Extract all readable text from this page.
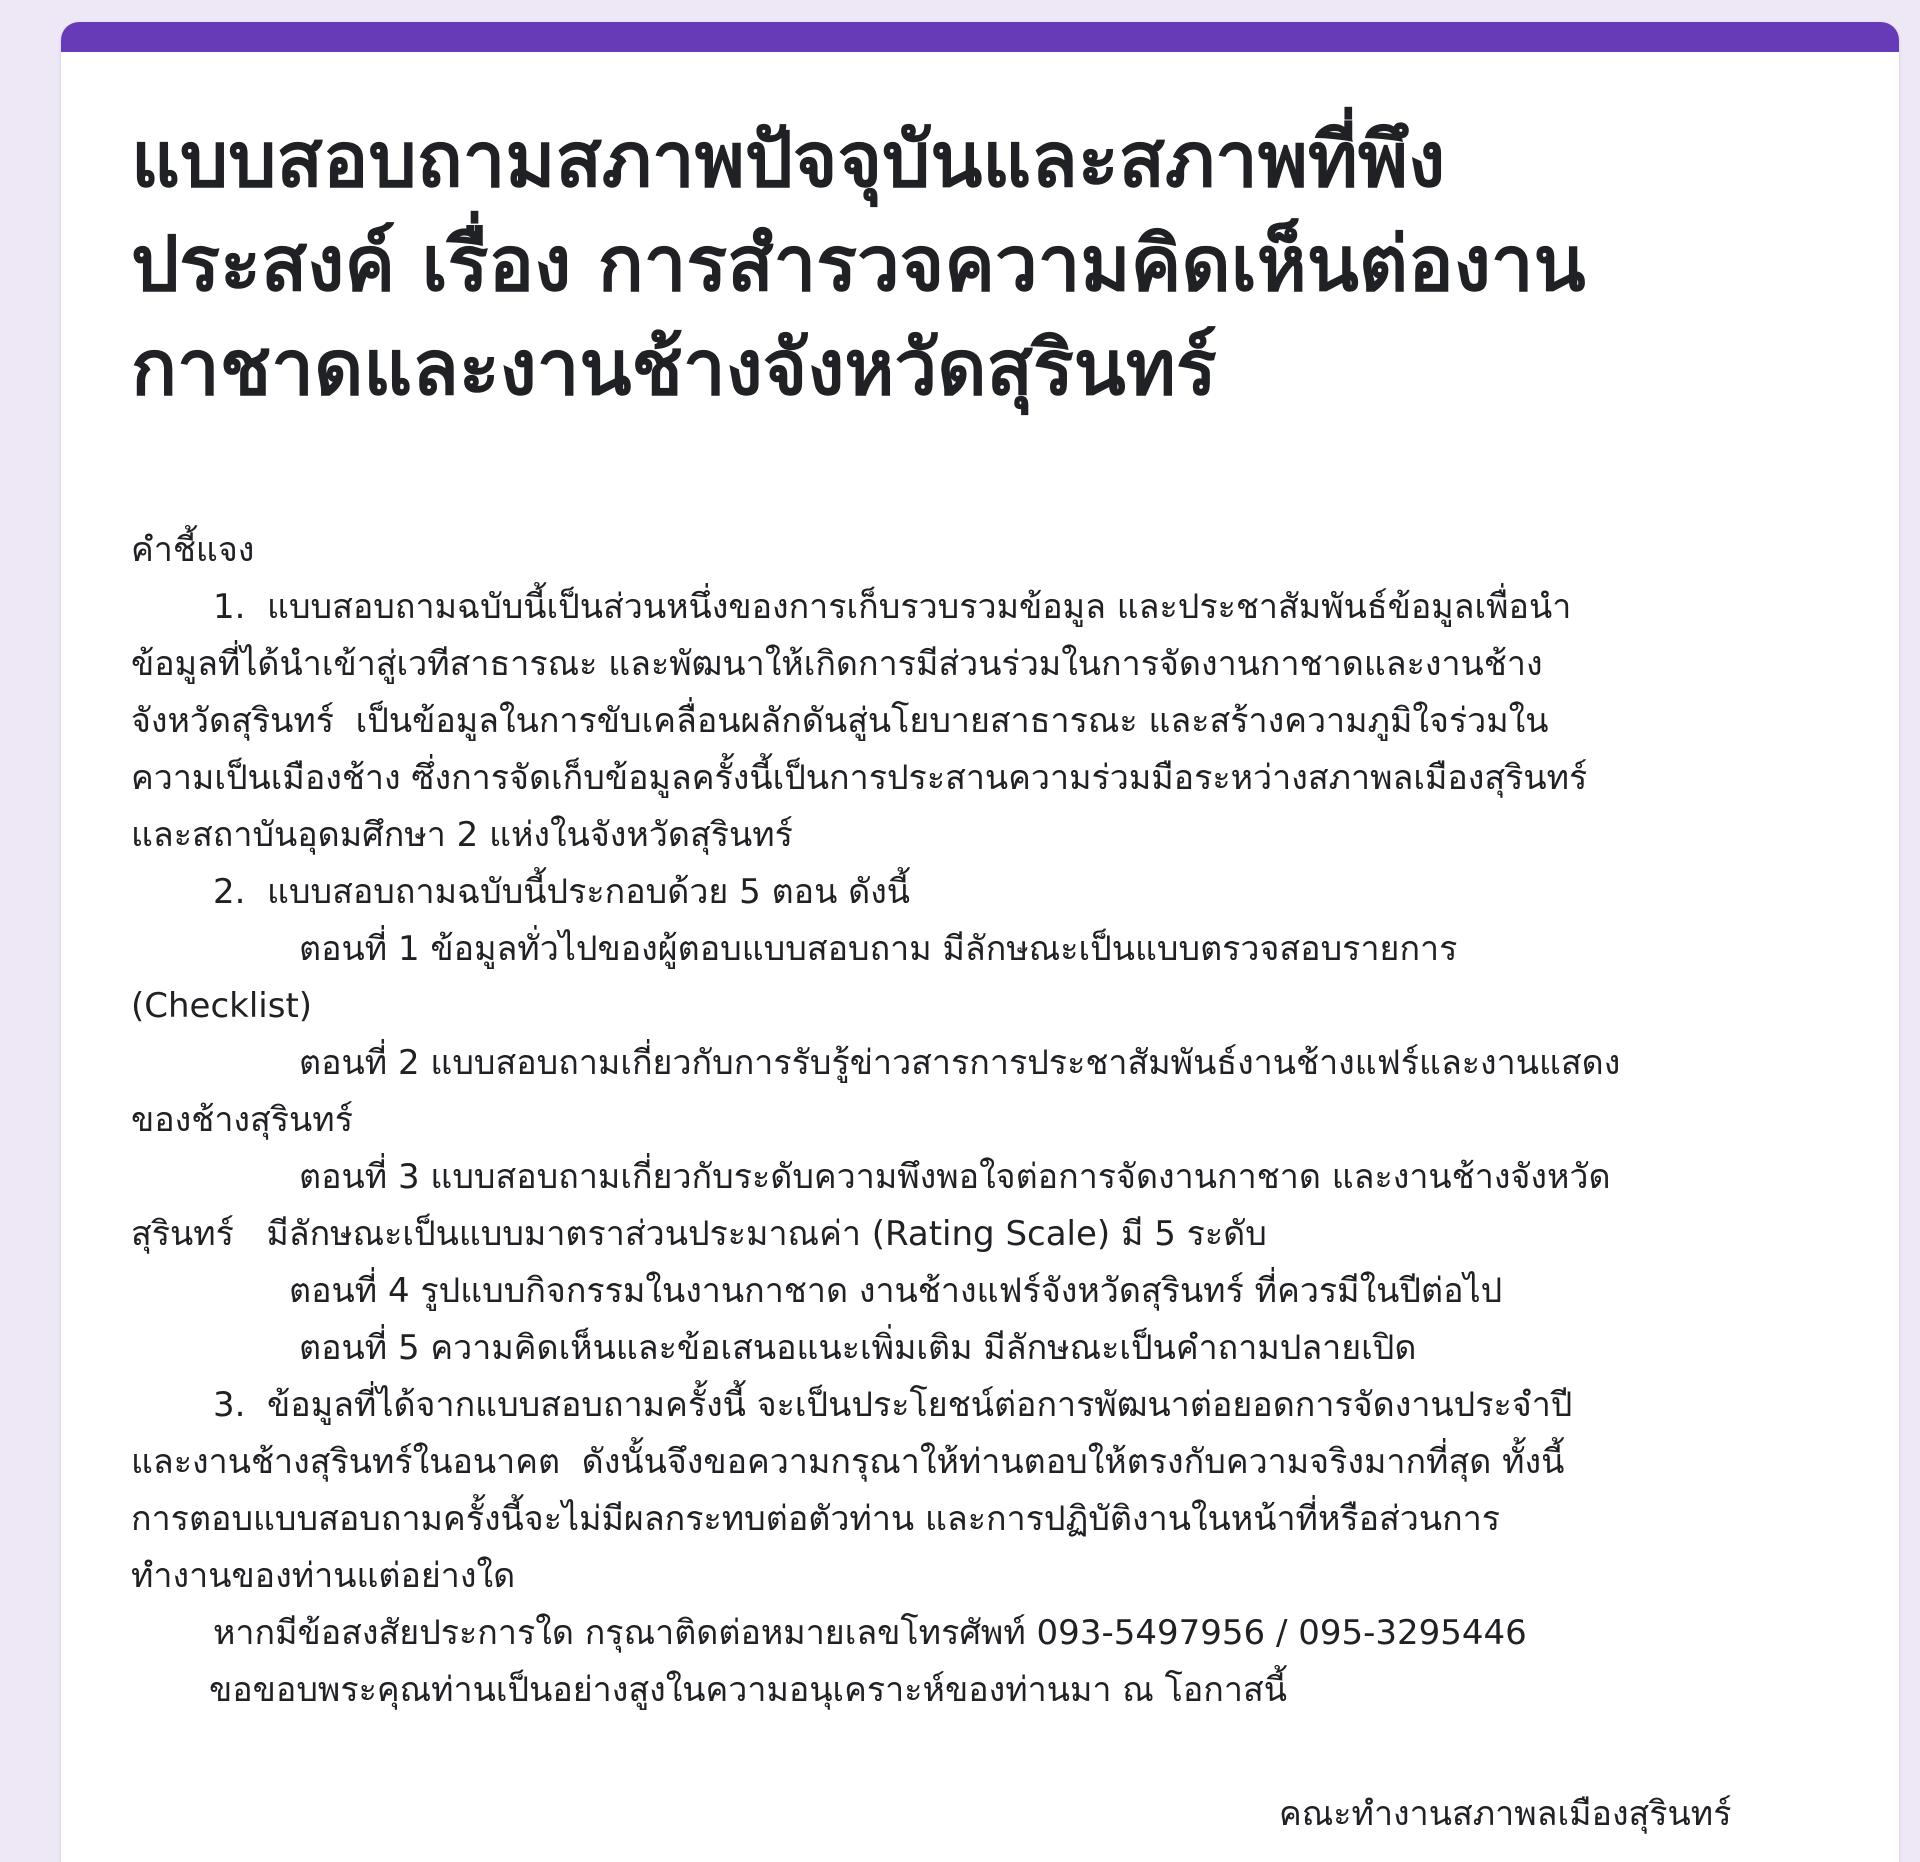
แบบสอบถามสภาพปัจจุบันและสภาพที่พึง
ประสงค์ เรื่อง การสำรวจความคิดเห็นต่องาน
กาชาดและงานช้างจังหวัดสุรินทร์
คำชี้แจง
1.  แบบสอบถามฉบับนี้เป็นส่วนหนึ่งของการเก็บรวบรวมข้อมูล และประชาสัมพันธ์ข้อมูลเพื่อนำ
ข้อมูลที่ได้นำเข้าสู่เวทีสาธารณะ และพัฒนาให้เกิดการมีส่วนร่วมในการจัดงานกาชาดและงานช้าง
จังหวัดสุรินทร์  เป็นข้อมูลในการขับเคลื่อนผลักดันสู่นโยบายสาธารณะ และสร้างความภูมิใจร่วมใน
ความเป็นเมืองช้าง ซึ่งการจัดเก็บข้อมูลครั้งนี้เป็นการประสานความร่วมมือระหว่างสภาพลเมืองสุรินทร์
และสถาบันอุดมศึกษา 2 แห่งในจังหวัดสุรินทร์
2.  แบบสอบถามฉบับนี้ประกอบด้วย 5 ตอน ดังนี้
ตอนที่ 1 ข้อมูลทั่วไปของผู้ตอบแบบสอบถาม มีลักษณะเป็นแบบตรวจสอบรายการ
(Checklist)
ตอนที่ 2 แบบสอบถามเกี่ยวกับการรับรู้ข่าวสารการประชาสัมพันธ์งานช้างแฟร์และงานแสดง
ของช้างสุรินทร์
ตอนที่ 3 แบบสอบถามเกี่ยวกับระดับความพึงพอใจต่อการจัดงานกาชาด และงานช้างจังหวัด
สุรินทร์   มีลักษณะเป็นแบบมาตราส่วนประมาณค่า (Rating Scale) มี 5 ระดับ
ตอนที่ 4 รูปแบบกิจกรรมในงานกาชาด งานช้างแฟร์จังหวัดสุรินทร์ ที่ควรมีในปีต่อไป
ตอนที่ 5 ความคิดเห็นและข้อเสนอแนะเพิ่มเติม มีลักษณะเป็นคำถามปลายเปิด
3.  ข้อมูลที่ได้จากแบบสอบถามครั้งนี้ จะเป็นประโยชน์ต่อการพัฒนาต่อยอดการจัดงานประจำปี
และงานช้างสุรินทร์ในอนาคต  ดังนั้นจึงขอความกรุณาให้ท่านตอบให้ตรงกับความจริงมากที่สุด ทั้งนี้
การตอบแบบสอบถามครั้งนี้จะไม่มีผลกระทบต่อตัวท่าน และการปฏิบัติงานในหน้าที่หรือส่วนการ
ทำงานของท่านแต่อย่างใด
หากมีข้อสงสัยประการใด กรุณาติดต่อหมายเลขโทรศัพท์ 093-5497956 / 095-3295446
ขอขอบพระคุณท่านเป็นอย่างสูงในความอนุเคราะห์ของท่านมา ณ โอกาสนี้
คณะทำงานสภาพลเมืองสุรินทร์
